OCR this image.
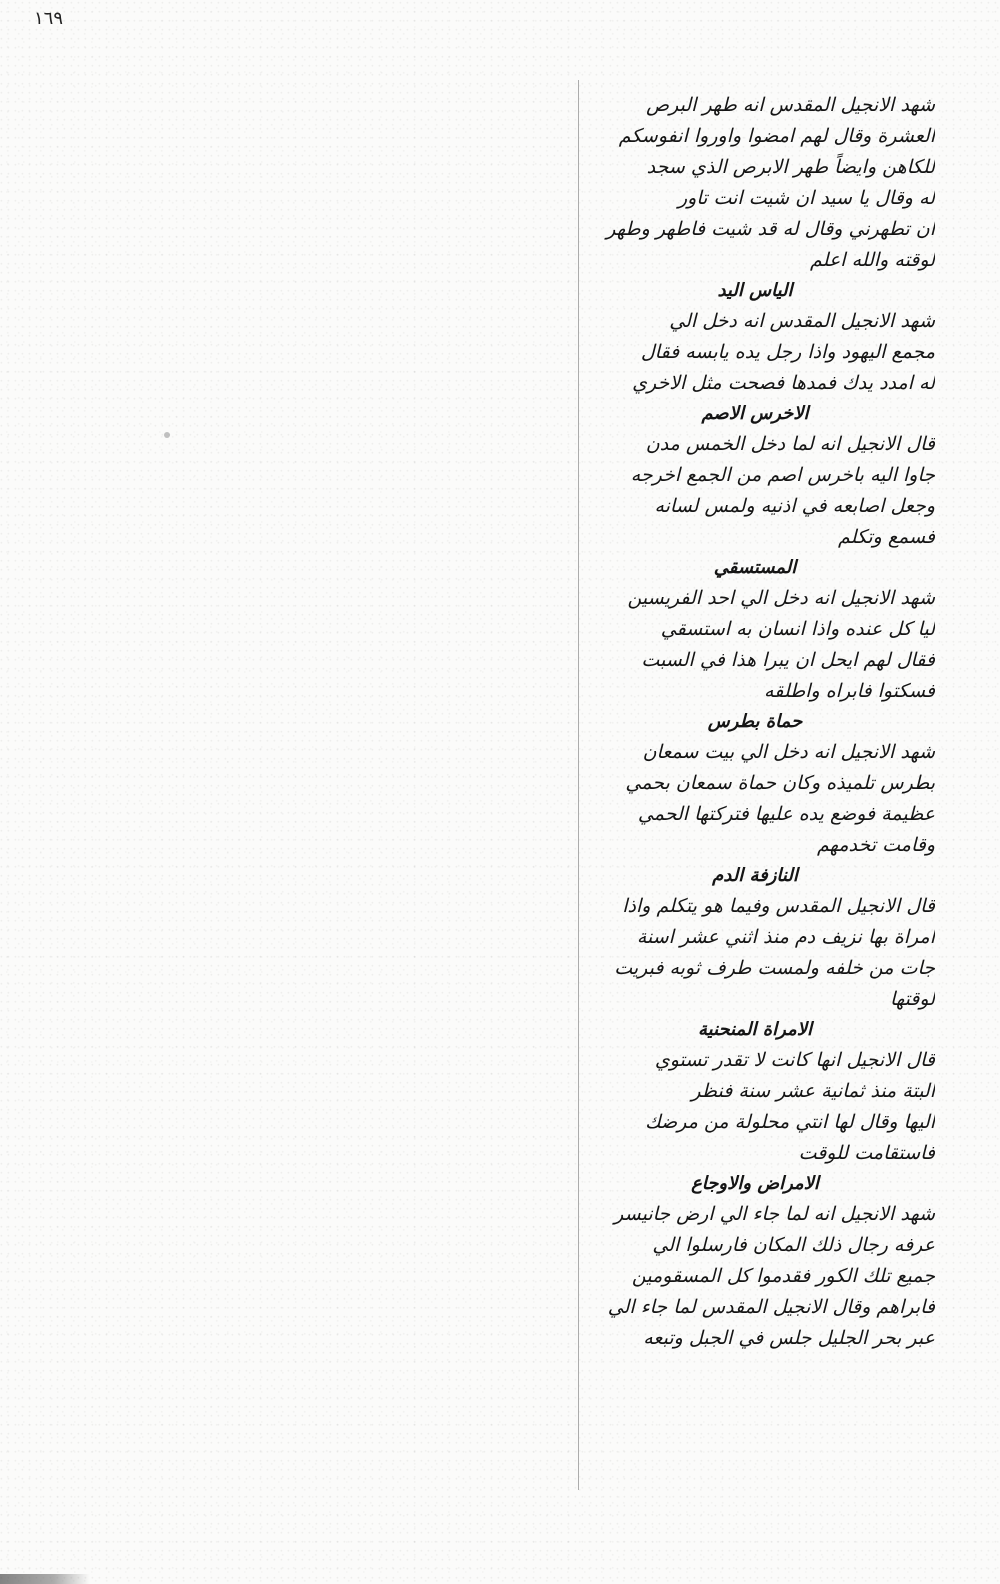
١٦٩
شهد الانجيل المقدس انه طهر البرص
العشرة وقال لهم امضوا واوروا انفوسكم
للكاهن وايضاً طهر الابرص الذي سجد
له وقال يا سيد ان شيت انت تاور
ان تطهرني وقال له قد شيت فاطهر وطهر
لوقته والله اعلم
الياس اليد
شهد الانجيل المقدس انه دخل الي
مجمع اليهود واذا رجل يده يابسه فقال
له امدد يدك فمدها فصحت مثل الاخري
الاخرس الاصم
قال الانجيل انه لما دخل الخمس مدن
جاوا اليه باخرس اصم من الجمع اخرجه
وجعل اصابعه في اذنيه ولمس لسانه
فسمع وتكلم
المستسقي
شهد الانجيل انه دخل الي احد الفريسين
ليا كل عنده واذا انسان به استسقي
فقال لهم ايحل ان يبرا هذا في السبت
فسكتوا فابراه واطلقه
حماة بطرس
شهد الانجيل انه دخل الي بيت سمعان
بطرس تلميذه وكان حماة سمعان بحمي
عظيمة فوضع يده عليها فتركتها الحمي
وقامت تخدمهم
النازفة الدم
قال الانجيل المقدس وفيما هو يتكلم واذا
امراة بها نزيف دم منذ اثني عشر اسنة
جات من خلفه ولمست طرف ثوبه فبريت
لوقتها
الامراة المنحنية
قال الانجيل انها كانت لا تقدر تستوي
البتة منذ ثمانية عشر سنة فنظر
اليها وقال لها انتي محلولة من مرضك
فاستقامت للوقت
الامراض والاوجاع
شهد الانجيل انه لما جاء الي ارض جانيسر
عرفه رجال ذلك المكان فارسلوا الي
جميع تلك الكور فقدموا كل المسقومين
فابراهم وقال الانجيل المقدس لما جاء الي
عبر بحر الجليل جلس في الجبل وتبعه
